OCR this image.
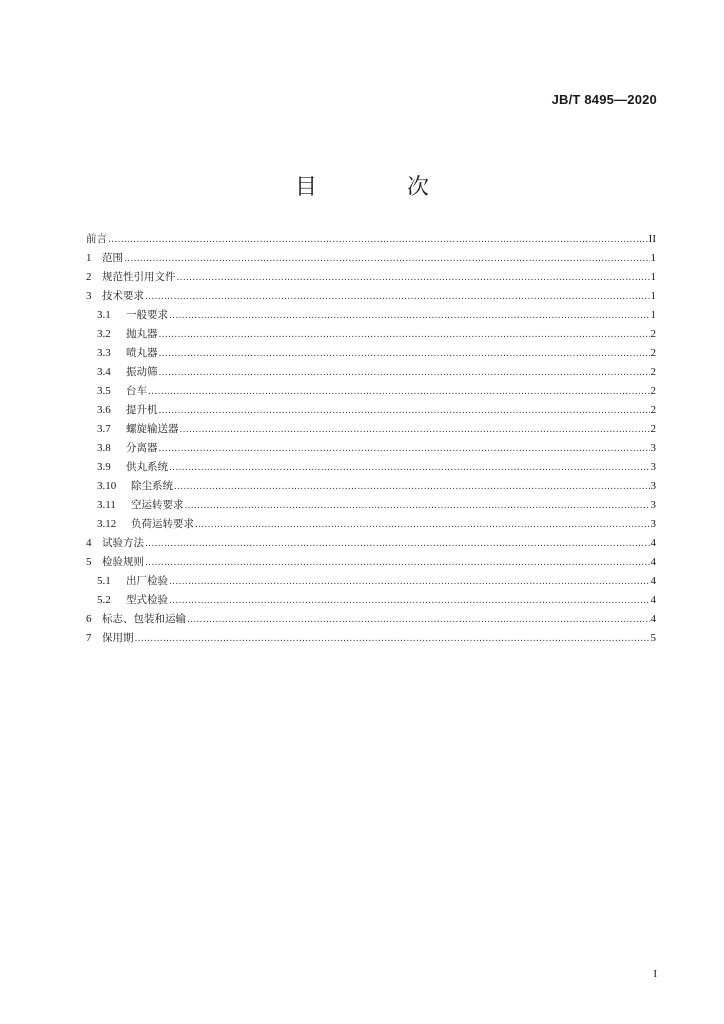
JB/T 8495—2020
目　次
前言 .....	II
1	范围 .....	1
2	规范性引用文件 .....	1
3	技术要求 .....	1
3.1	一般要求 .....	1
3.2	抛丸器 .....	2
3.3	喷丸器 .....	2
3.4	振动筛 .....	2
3.5	台车 .....	2
3.6	提升机 .....	2
3.7	螺旋输送器 .....	2
3.8	分离器 .....	3
3.9	供丸系统 .....	3
3.10	除尘系统 .....	3
3.11	空运转要求 .....	3
3.12	负荷运转要求 .....	3
4	试验方法 .....	4
5	检验规则 .....	4
5.1	出厂检验 .....	4
5.2	型式检验 .....	4
6	标志、包装和运输 .....	4
7	保用期 .....	5
I
